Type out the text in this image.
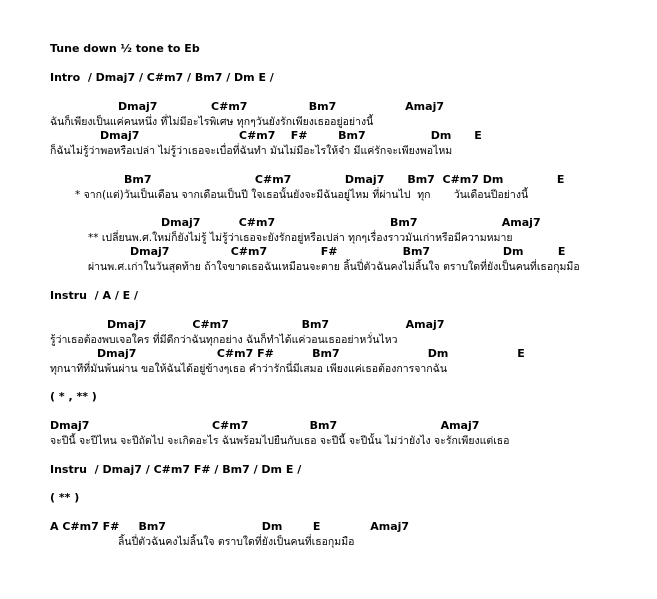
Tune down ½ tone to Eb
Intro  / Dmaj7 / C#m7 / Bm7 / Dm E /
Dmaj7              C#m7                Bm7                  Amaj7
ฉันก็เพียงเป็นแค่คนหนึ่ง ที่ไม่มีอะไรพิเศษ ทุกๆวันยังรักเพียงเธออยู่อย่างนี้
Dmaj7                          C#m7    F#        Bm7                 Dm      E
ก็ฉันไม่รู้ว่าพอหรือเปล่า ไม่รู้ว่าเธอจะเบื่อที่ฉันทำ มันไม่มีอะไรให้จำ มีแค่รักจะเพียงพอไหม
Bm7                           C#m7              Dmaj7      Bm7  C#m7 Dm              E
* จาก(แต่)วันเป็นเดือน จากเดือนเป็นปี ใจเธอนั้นยังจะมีฉันอยู่ไหม ที่ผ่านไป  ทุก       วันเดือนปีอย่างนี้
Dmaj7          C#m7                              Bm7                      Amaj7
** เปลี่ยนพ.ศ.ใหม่ก็ยังไม่รู้ ไม่รู้ว่าเธอจะยังรักอยู่หรือเปล่า ทุกๆเรื่องราวมันเก่าหรือมีความหมาย
Dmaj7                C#m7              F#                 Bm7                   Dm         E
ผ่านพ.ศ.เก่าในวันสุดท้าย ถ้าใจขาดเธอฉันเหมือนจะตาย ลิ้นปี่ตัวฉันคงไม่ลิ้นใจ ตราบใดที่ยังเป็นคนที่เธอกุมมือ
Instru  / A / E /
Dmaj7            C#m7                   Bm7                    Amaj7
รู้ว่าเธอต้องพบเจอใคร ที่มีดีกว่าฉันทุกอย่าง ฉันก็ทำได้แค่วอนเธออย่าหวั่นไหว
Dmaj7                     C#m7 F#          Bm7                       Dm                  E
ทุกนาทีที่มันพ้นผ่าน ขอให้ฉันได้อยู่ข้างๆเธอ คำว่ารักนี่มีเสมอ เพียงแค่เธอต้องการจากฉัน
( * , ** )
Dmaj7                                C#m7                Bm7                           Amaj7
จะปีนี้ จะปีไหน จะปีถัดไป จะเกิดอะไร ฉันพร้อมไปยืนกับเธอ จะปีนี้ จะปีนั้น ไม่ว่ายังไง จะรักเพียงแต่เธอ
Instru  / Dmaj7 / C#m7 F# / Bm7 / Dm E /
( ** )
A C#m7 F#     Bm7                         Dm        E             Amaj7
ลิ้นปี่ตัวฉันคงไม่ลิ้นใจ ตราบใดที่ยังเป็นคนที่เธอกุมมือ
